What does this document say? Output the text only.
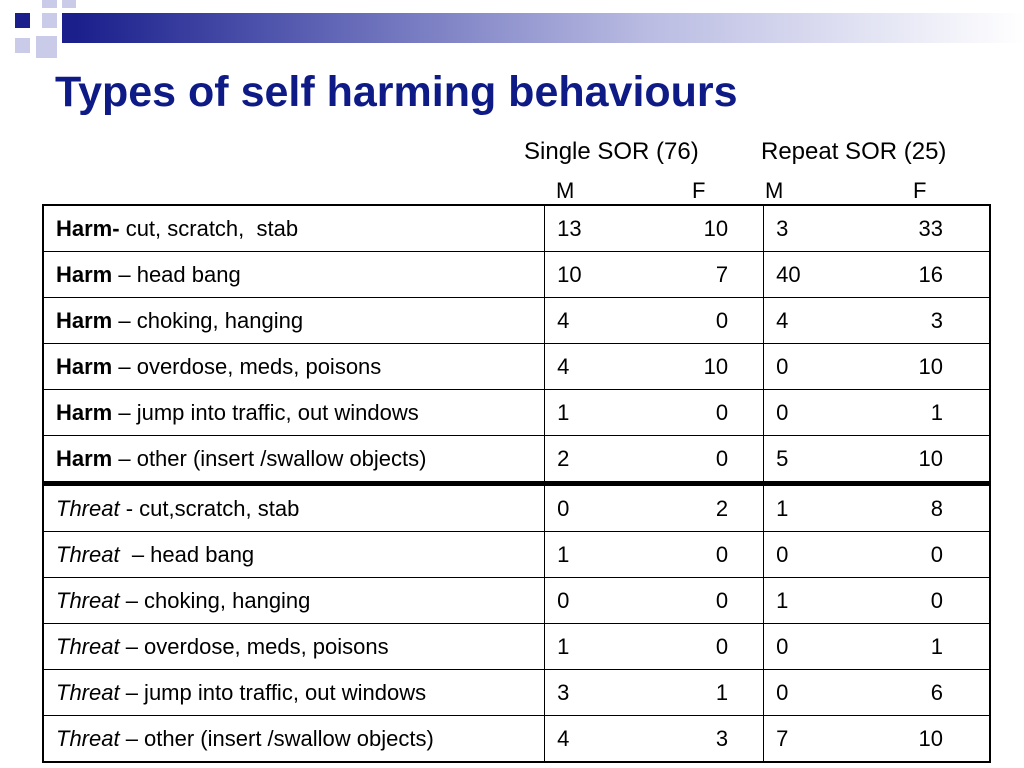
Types of self harming behaviours
Single SOR (76)	Repeat SOR (25)
M	F	M	F
Harm- cut, scratch,  stab	13 10	3 33

Harm – head bang	10 7	40 16

Harm – choking, hanging	4 0	4 3

Harm – overdose, meds, poisons	4 10	0 10

Harm – jump into traffic, out windows	1 0	0 1

Harm – other (insert /swallow objects)	2 0	5 10

Threat - cut,scratch, stab	0 2	1 8

Threat  – head bang	1 0	0 0

Threat – choking, hanging	0 0	1 0

Threat – overdose, meds, poisons	1 0	0 1

Threat – jump into traffic, out windows	3 1	0 6

Threat – other (insert /swallow objects)	4 3	7 10
